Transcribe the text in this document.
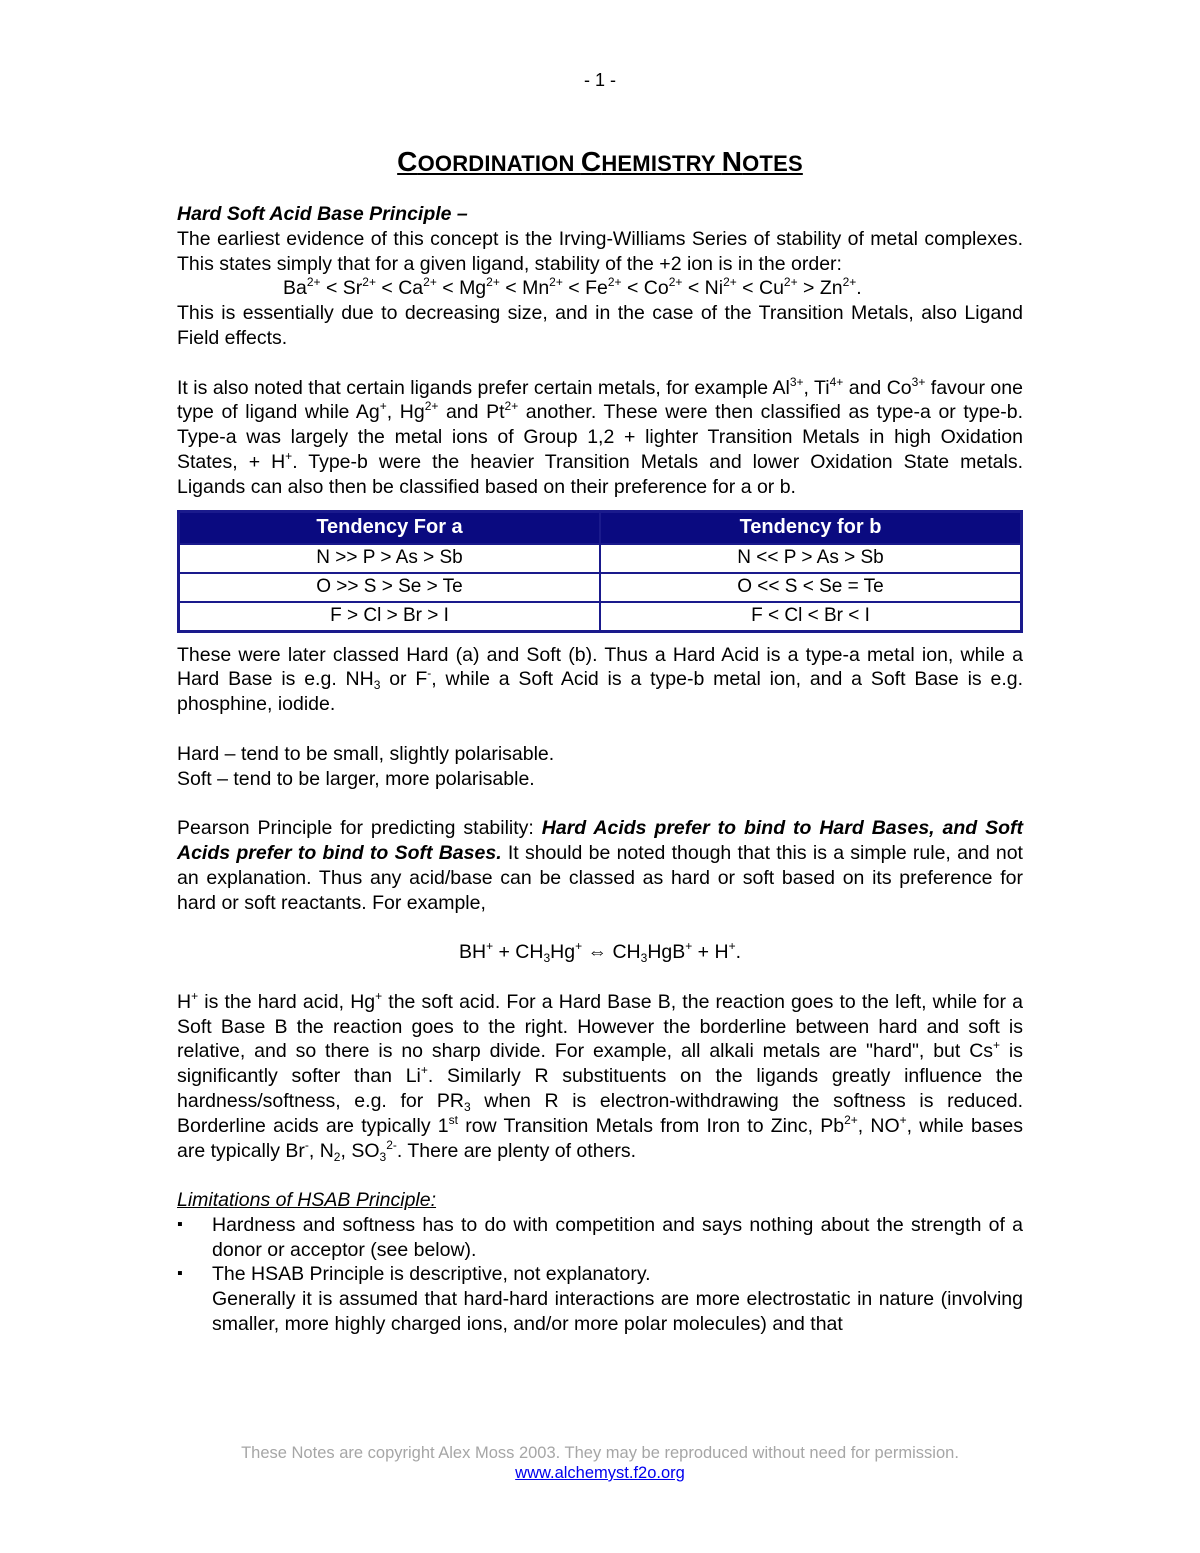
- 1 -
COORDINATION CHEMISTRY NOTES

Hard Soft Acid Base Principle –

The earliest evidence of this concept is the Irving-Williams Series of stability of metal complexes. This states simply that for a given ligand, stability of the +2 ion is in the order:

$Ba^{2+} < Sr^{2+} < Ca^{2+} < Mg^{2+} < Mn^{2+} < Fe^{2+} < Co^{2+} < Ni^{2+} < Cu^{2+} > Zn^{2+}$.

This is essentially due to decreasing size, and in the case of the Transition Metals, also Ligand Field effects.

It is also noted that certain ligands prefer certain metals, for example $Al^{3+}$, $Ti^{4+}$ and $Co^{3+}$ favour one type of ligand while Ag+, $Hg^{2+}$ and $Pt^{2+}$ another. These were then classified as type-a or type-b. Type-a was largely the metal ions of Group 1,2 + lighter Transition Metals in high Oxidation States, + H+. Type-b were the heavier Transition Metals and lower Oxidation State metals. Ligands can also then be classified based on their preference for a or b.

Tendency For a	Tendency for b
N >> P > As > Sb	N << P > As > Sb
O >> S > Se > Te	O << S < Se = Te
F > Cl > Br > I	F < Cl < Br < I

These were later classed Hard (a) and Soft (b). Thus a Hard Acid is a type-a metal ion, while a Hard Base is e.g. $NH_3$ or F-, while a Soft Acid is a type-b metal ion, and a Soft Base is e.g. phosphine, iodide.

Hard – tend to be small, slightly polarisable.

Soft – tend to be larger, more polarisable.

Pearson Principle for predicting stability: Hard Acids prefer to bind to Hard Bases, and Soft Acids prefer to bind to Soft Bases. It should be noted though that this is a simple rule, and not an explanation. Thus any acid/base can be classed as hard or soft based on its preference for hard or soft reactants. For example,

$BH^+ + CH_3Hg^+$ ⇔ $CH_3HgB^+ + H^+$.

H+ is the hard acid, Hg+ the soft acid. For a Hard Base B, the reaction goes to the left, while for a Soft Base B the reaction goes to the right. However the borderline between hard and soft is relative, and so there is no sharp divide. For example, all alkali metals are "hard", but Cs+ is significantly softer than Li+. Similarly R substituents on the ligands greatly influence the hardness/softness, e.g. for $PR_3$ when R is electron-withdrawing the softness is reduced. Borderline acids are typically 1st row Transition Metals from Iron to Zinc, $Pb^{2+}$, NO+, while bases are typically Br-, $N_2$, $SO_3^{2-}$. There are plenty of others.

Limitations of HSAB Principle:

▪ Hardness and softness has to do with competition and says nothing about the strength of a donor or acceptor (see below).
▪ The HSAB Principle is descriptive, not explanatory.
Generally it is assumed that hard-hard interactions are more electrostatic in nature (involving smaller, more highly charged ions, and/or more polar molecules) and that
These Notes are copyright Alex Moss 2003. They may be reproduced without need for permission.
www.alchemyst.f2o.org
